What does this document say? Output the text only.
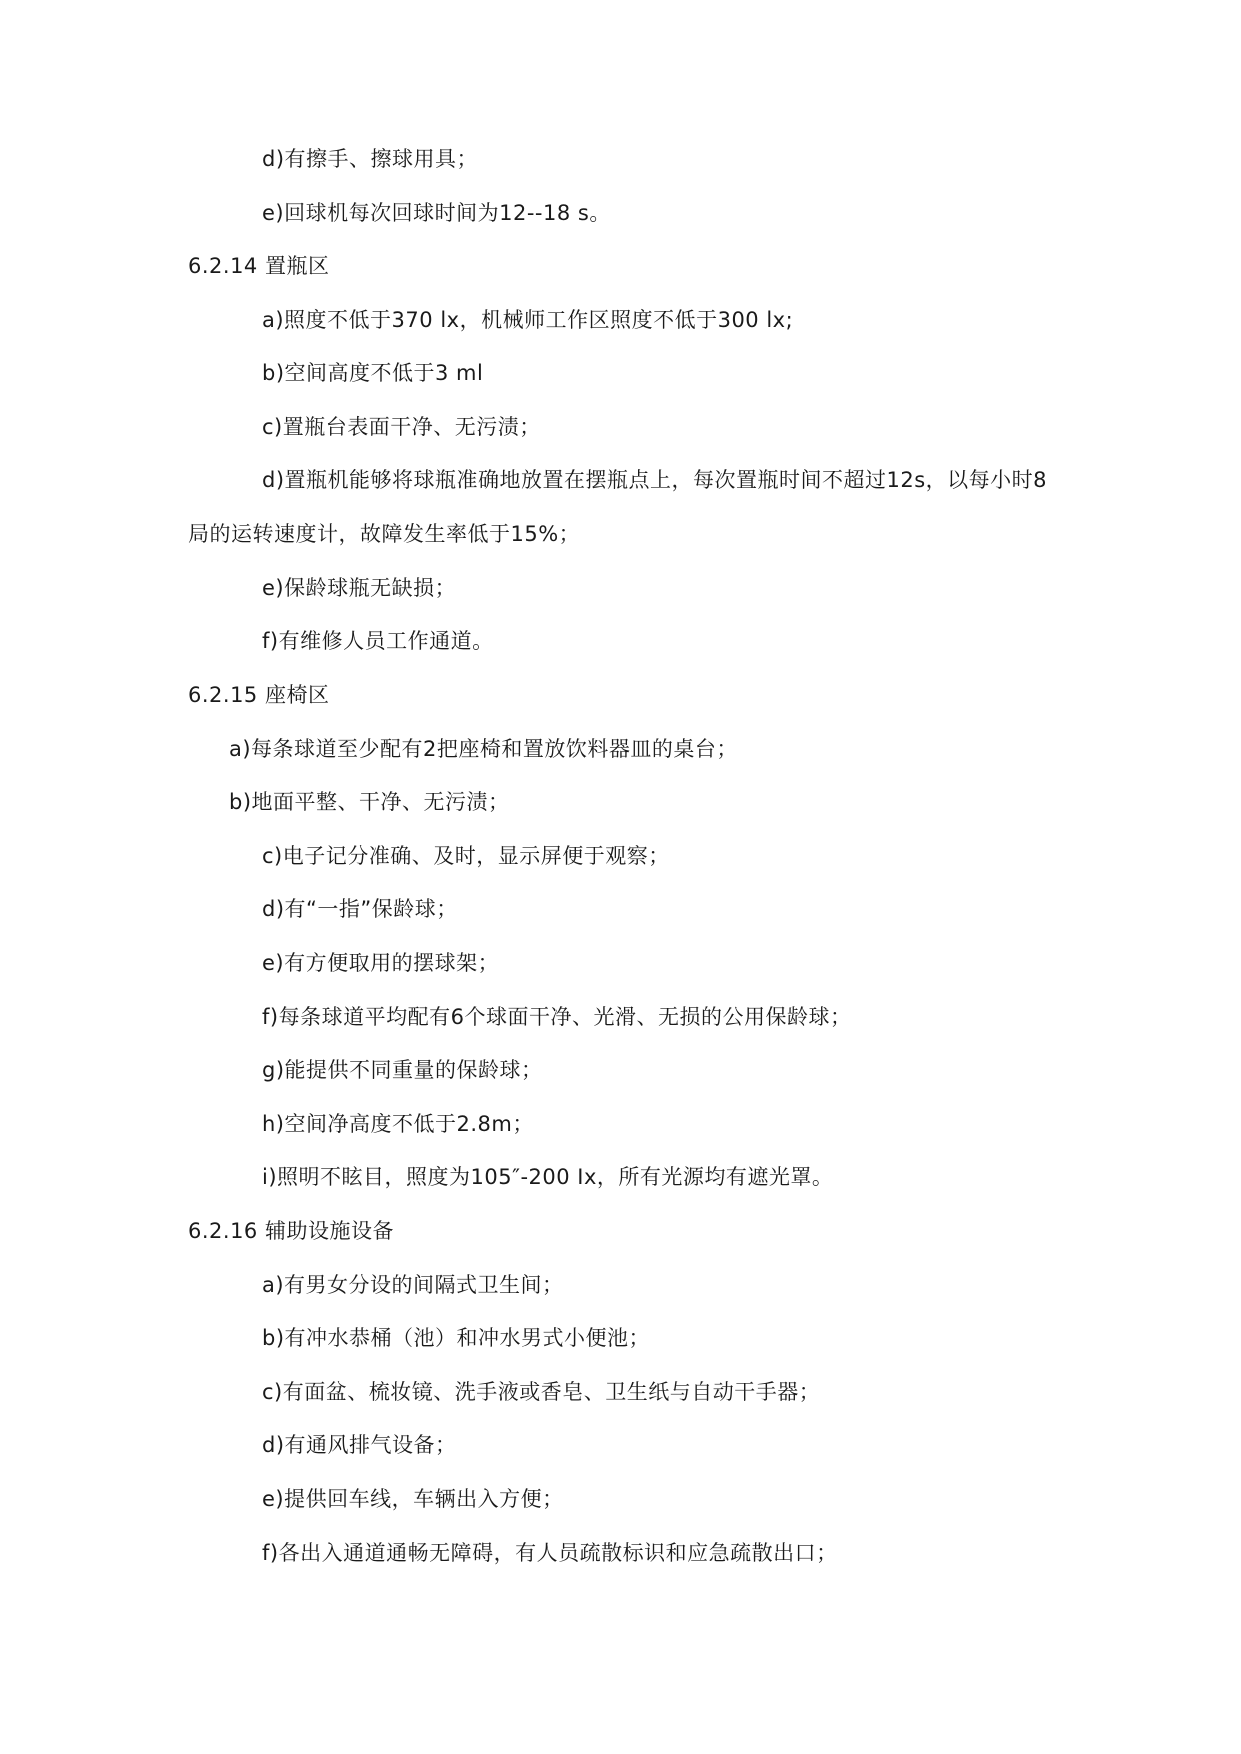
d)有擦手、擦球用具；
e)回球机每次回球时间为12--18 s。
6.2.14 置瓶区
a)照度不低于370 lx，机械师工作区照度不低于300 lx;
b)空间高度不低于3 ml
c)置瓶台表面干净、无污渍；
d)置瓶机能够将球瓶准确地放置在摆瓶点上，每次置瓶时间不超过12s，以每小时8
局的运转速度计，故障发生率低于15%；
e)保龄球瓶无缺损；
f)有维修人员工作通道。
6.2.15 座椅区
a)每条球道至少配有2把座椅和置放饮料器皿的桌台；
b)地面平整、干净、无污渍；
c)电子记分准确、及时，显示屏便于观察；
d)有“一指”保龄球；
e)有方便取用的摆球架；
f)每条球道平均配有6个球面干净、光滑、无损的公用保龄球；
g)能提供不同重量的保龄球；
h)空间净高度不低于2.8m；
i)照明不眩目，照度为105″-200 Ix，所有光源均有遮光罩。
6.2.16 辅助设施设备
a)有男女分设的间隔式卫生间；
b)有冲水恭桶（池）和冲水男式小便池；
c)有面盆、梳妆镜、洗手液或香皂、卫生纸与自动干手器；
d)有通风排气设备；
e)提供回车线，车辆出入方便；
f)各出入通道通畅无障碍，有人员疏散标识和应急疏散出口；
